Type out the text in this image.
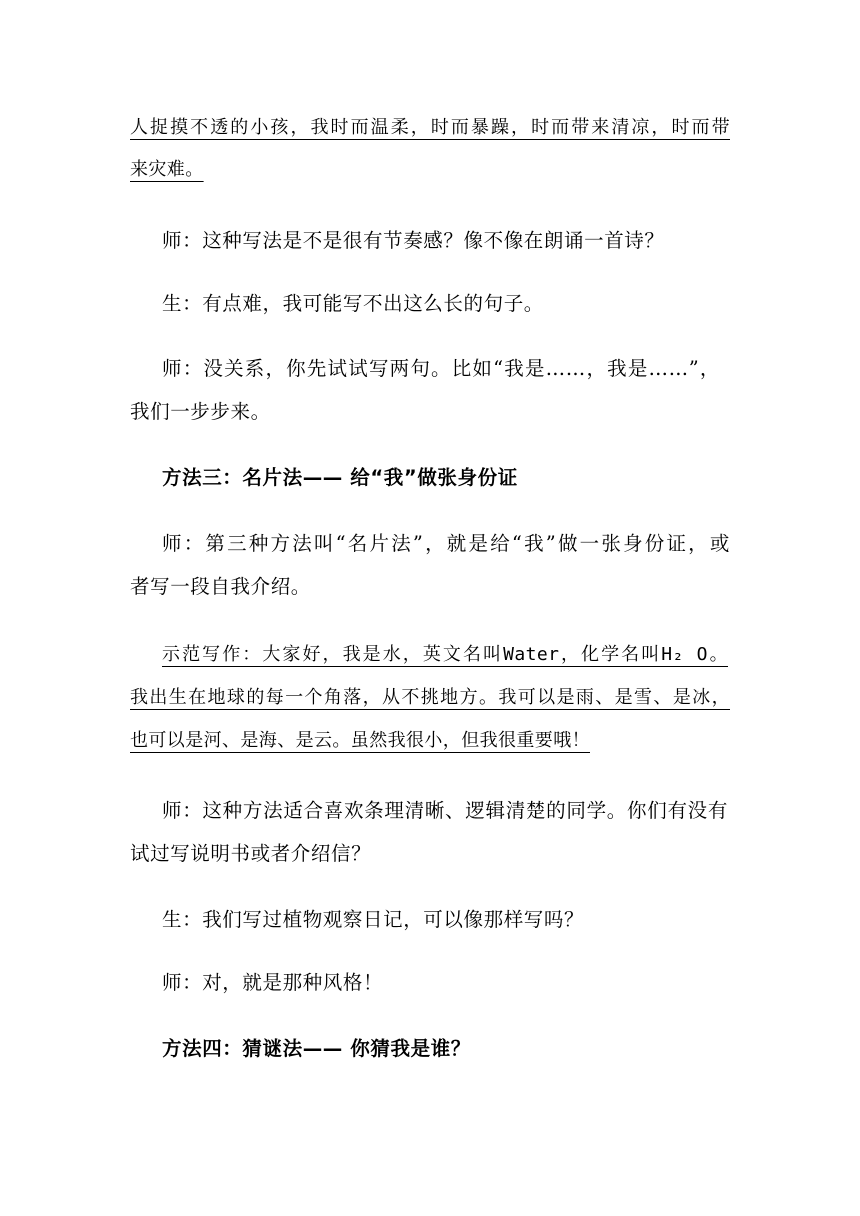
人捉摸不透的小孩，我时而温柔，时而暴躁，时而带来清凉，时而带
来灾难。
师：这种写法是不是很有节奏感？像不像在朗诵一首诗？
生：有点难，我可能写不出这么长的句子。
师：没关系，你先试试写两句。比如“我是……，我是……”，
我们一步步来。
方法三：名片法—— 给“我”做张身份证
师：第三种方法叫“名片法”，就是给“我”做一张身份证，或
者写一段自我介绍。
示范写作：大家好，我是水，英文名叫Water，化学名叫H₂ O。
我出生在地球的每一个角落，从不挑地方。我可以是雨、是雪、是冰，
也可以是河、是海、是云。虽然我很小，但我很重要哦！
师：这种方法适合喜欢条理清晰、逻辑清楚的同学。你们有没有
试过写说明书或者介绍信？
生：我们写过植物观察日记，可以像那样写吗？
师：对，就是那种风格！
方法四：猜谜法—— 你猜我是谁？
